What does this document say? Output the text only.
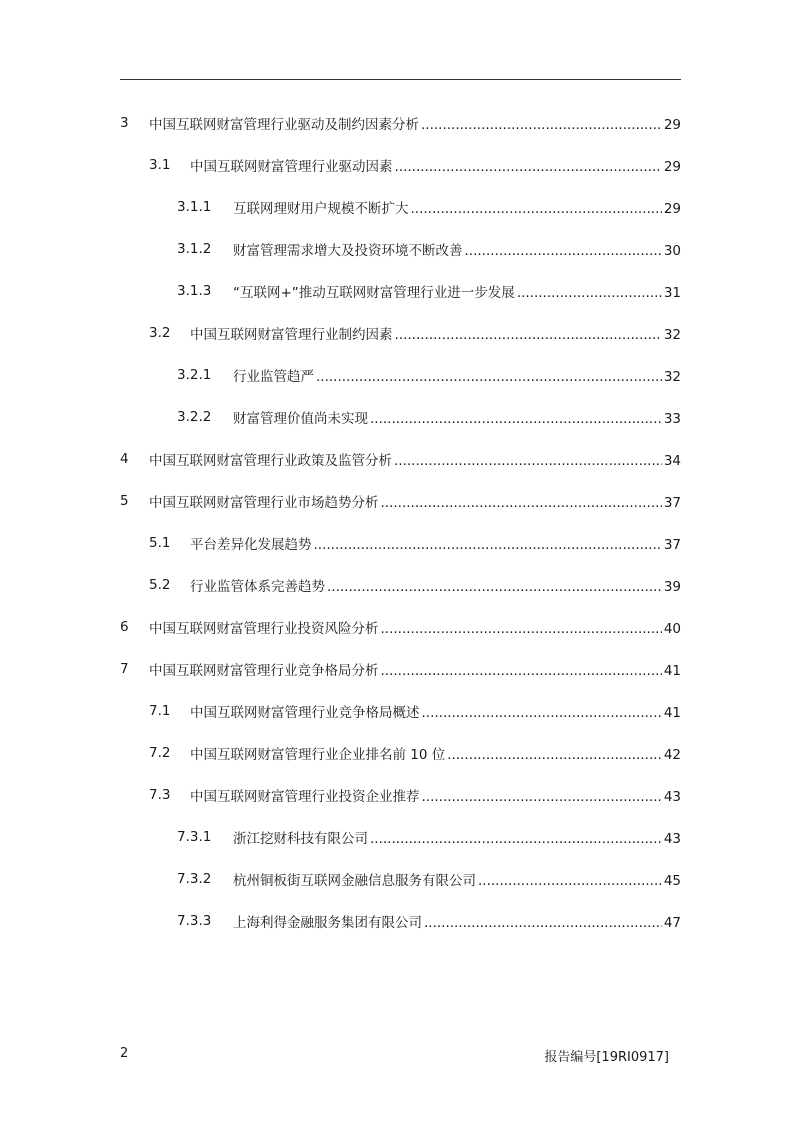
3 中国互联网财富管理行业驱动及制约因素分析 .....	29
3.1 中国互联网财富管理行业驱动因素 .....	29
3.1.1 互联网理财用户规模不断扩大 .....	29
3.1.2 财富管理需求增大及投资环境不断改善 .....	30
3.1.3 “互联网+”推动互联网财富管理行业进一步发展 .....	31
3.2 中国互联网财富管理行业制约因素 .....	32
3.2.1 行业监管趋严 .....	32
3.2.2 财富管理价值尚未实现 .....	33
4 中国互联网财富管理行业政策及监管分析 .....	34
5 中国互联网财富管理行业市场趋势分析 .....	37
5.1 平台差异化发展趋势 .....	37
5.2 行业监管体系完善趋势 .....	39
6 中国互联网财富管理行业投资风险分析 .....	40
7 中国互联网财富管理行业竞争格局分析 .....	41
7.1 中国互联网财富管理行业竞争格局概述 .....	41
7.2 中国互联网财富管理行业企业排名前 10 位 .....	42
7.3 中国互联网财富管理行业投资企业推荐 .....	43
7.3.1 浙江挖财科技有限公司 .....	43
7.3.2 杭州铜板街互联网金融信息服务有限公司 .....	45
7.3.3 上海利得金融服务集团有限公司 .....	47
2	报告编号[19RI0917]
